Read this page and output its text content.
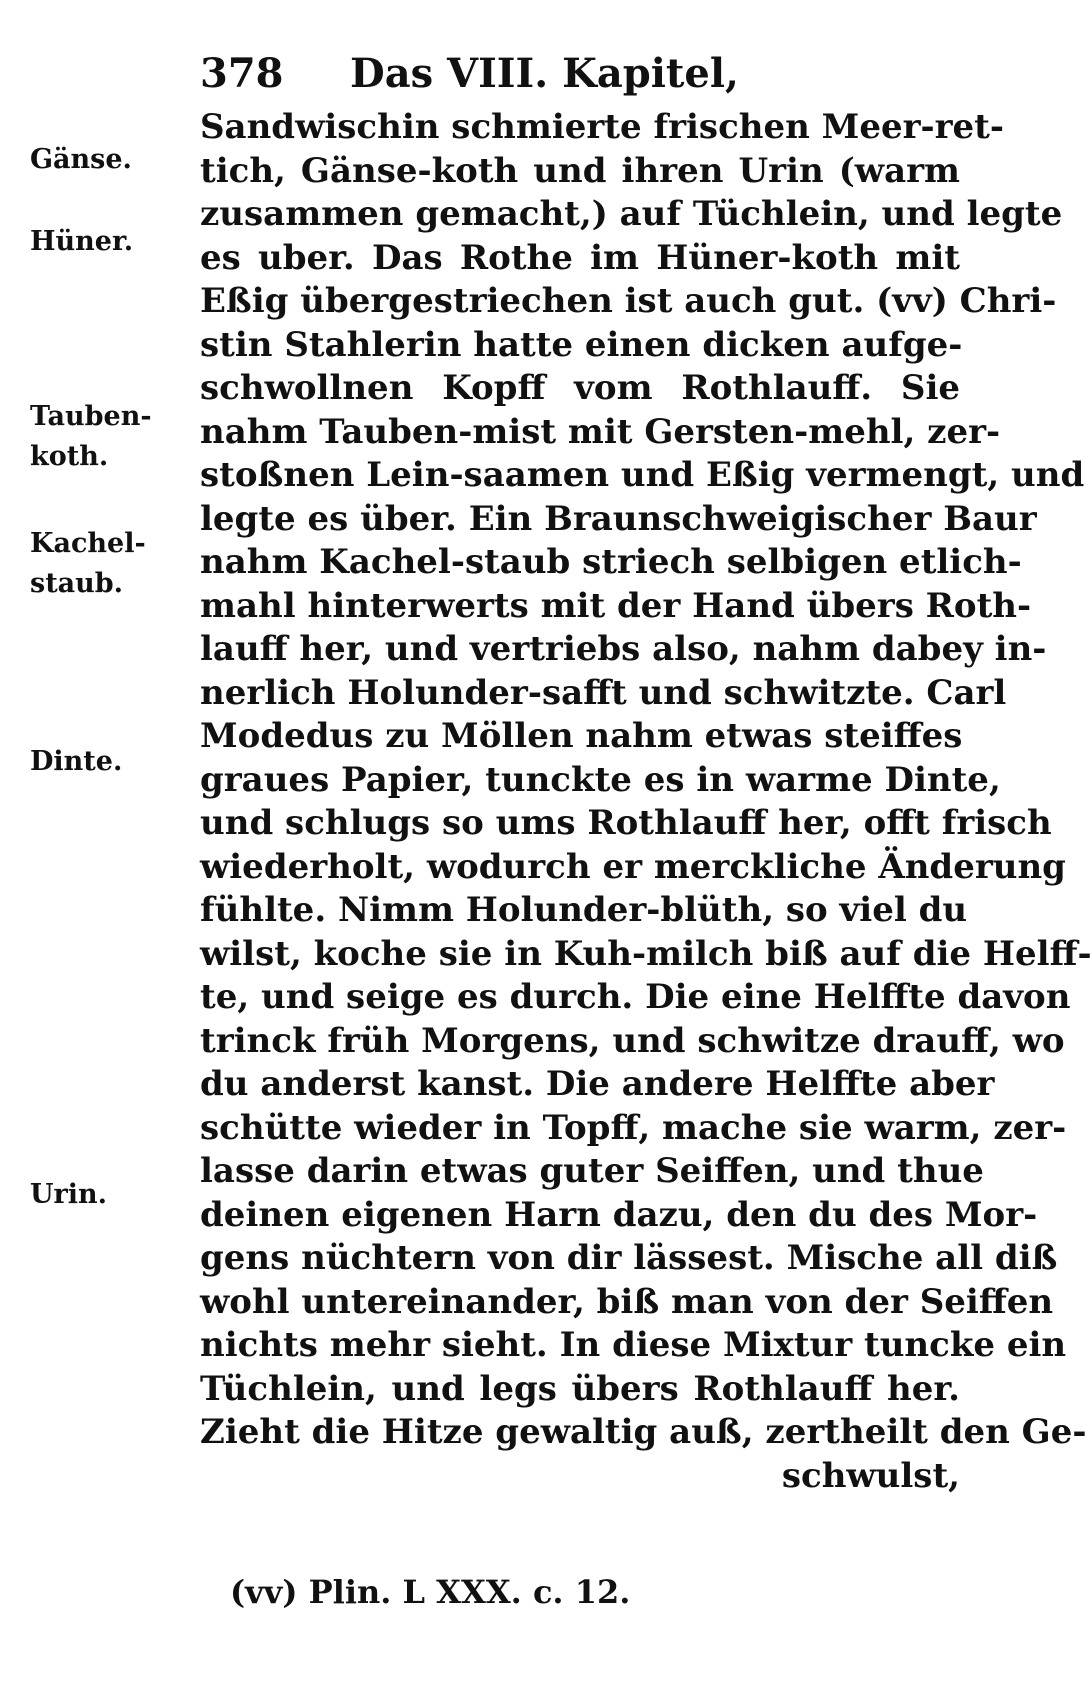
378 Das VIII. Kapitel,
Gänse.
Hüner.
Tauben-
koth.
Kachel-
staub.
Dinte.
Urin.
Sandwischin schmierte frischen Meer-ret-
tich, Gänse-koth und ihren Urin (warm
zusammen gemacht,) auf Tüchlein, und legte
es uber. Das Rothe im Hüner-koth mit
Eßig übergestriechen ist auch gut. (vv) Chri-
stin Stahlerin hatte einen dicken aufge-
schwollnen Kopff vom Rothlauff. Sie
nahm Tauben-mist mit Gersten-mehl, zer-
stoßnen Lein-saamen und Eßig vermengt, und
legte es über. Ein Braunschweigischer Baur
nahm Kachel-staub striech selbigen etlich-
mahl hinterwerts mit der Hand übers Roth-
lauff her, und vertriebs also, nahm dabey in-
nerlich Holunder-safft und schwitzte. Carl
Modedus zu Möllen nahm etwas steiffes
graues Papier, tunckte es in warme Dinte,
und schlugs so ums Rothlauff her, offt frisch
wiederholt, wodurch er merckliche Änderung
fühlte. Nimm Holunder-blüth, so viel du
wilst, koche sie in Kuh-milch biß auf die Helff-
te, und seige es durch. Die eine Helffte davon
trinck früh Morgens, und schwitze drauff, wo
du anderst kanst. Die andere Helffte aber
schütte wieder in Topff, mache sie warm, zer-
lasse darin etwas guter Seiffen, und thue
deinen eigenen Harn dazu, den du des Mor-
gens nüchtern von dir lässest. Mische all diß
wohl untereinander, biß man von der Seiffen
nichts mehr sieht. In diese Mixtur tuncke ein
Tüchlein, und legs übers Rothlauff her.
Zieht die Hitze gewaltig auß, zertheilt den Ge-
schwulst,
(vv) Plin. L XXX. c. 12.
